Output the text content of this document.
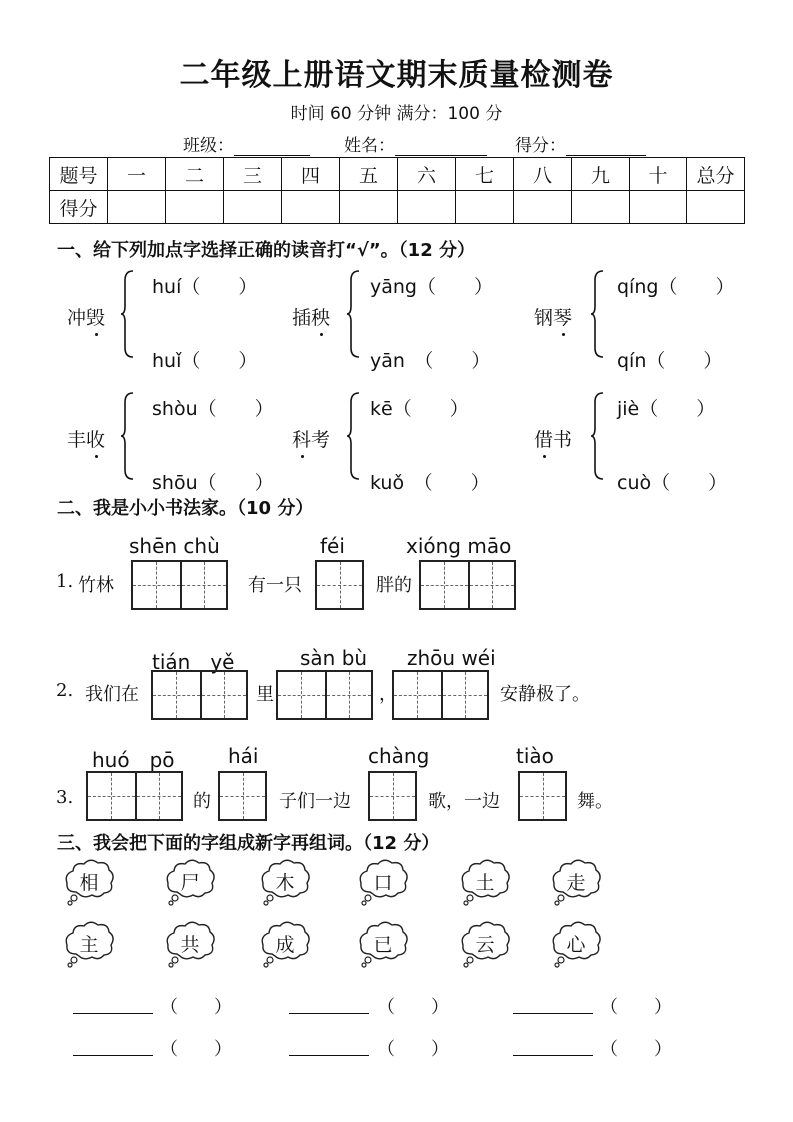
二年级上册语文期末质量检测卷
时间 60 分钟 满分：100 分
班级：	姓名：	得分：
题号	一	二	三	四	五	六	七	八	九	十	总分
得分											
一、给下列加点字选择正确的读音打“√”。（12 分）
冲毁
huí（　　）
huǐ（　　）
插秧
yāng（　　）
yān　（　　）
钢琴
qíng（　　）
qín（　　）
丰收
shòu（　　）
shōu（　　）
科
考
kē（　　）
kuǒ　（　　）
借
书
jiè（　　）
cuò（　　）
二、我是小小书法家。（10 分）
shēn chù	féi	xióng māo
1. 竹林	有一只	胖的
tián　yě	sàn bù zhōu wéi
2. 我们在	里	，	安静极了。
huó　pō	hái	chàng	tiào
3.	的	子们一边	歌，一边	舞。
三、我会把下面的字组成新字再组词。（12 分）
相	尸	木	口	土	走
主	共	成	已	云	心
（　　）	（　　）	（　　）
（　　）	（　　）	（　　）
